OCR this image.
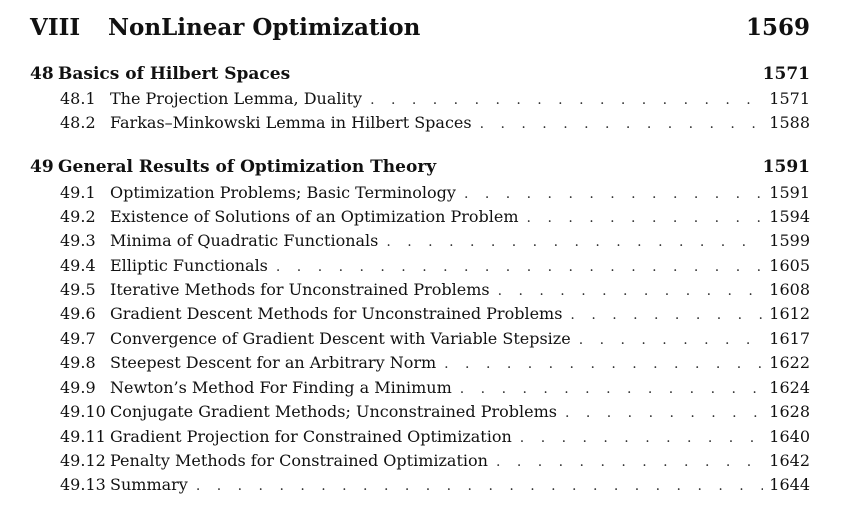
VIII	NonLinear Optimization	1569
48 Basics of Hilbert Spaces	1571
48.1 The Projection Lemma, Duality . . .	1571
48.2 Farkas–Minkowski Lemma in Hilbert Spaces . . .	1588
49 General Results of Optimization Theory	1591
49.1 Optimization Problems; Basic Terminology . . .	1591
49.2 Existence of Solutions of an Optimization Problem . . .	1594
49.3 Minima of Quadratic Functionals . . .	1599
49.4 Elliptic Functionals . . .	1605
49.5 Iterative Methods for Unconstrained Problems . . .	1608
49.6 Gradient Descent Methods for Unconstrained Problems . . .	1612
49.7 Convergence of Gradient Descent with Variable Stepsize . . .	1617
49.8 Steepest Descent for an Arbitrary Norm . . .	1622
49.9 Newton’s Method For Finding a Minimum . . .	1624
49.10 Conjugate Gradient Methods; Unconstrained Problems . . .	1628
49.11 Gradient Projection for Constrained Optimization . . .	1640
49.12 Penalty Methods for Constrained Optimization . . .	1642
49.13 Summary . . .	1644
